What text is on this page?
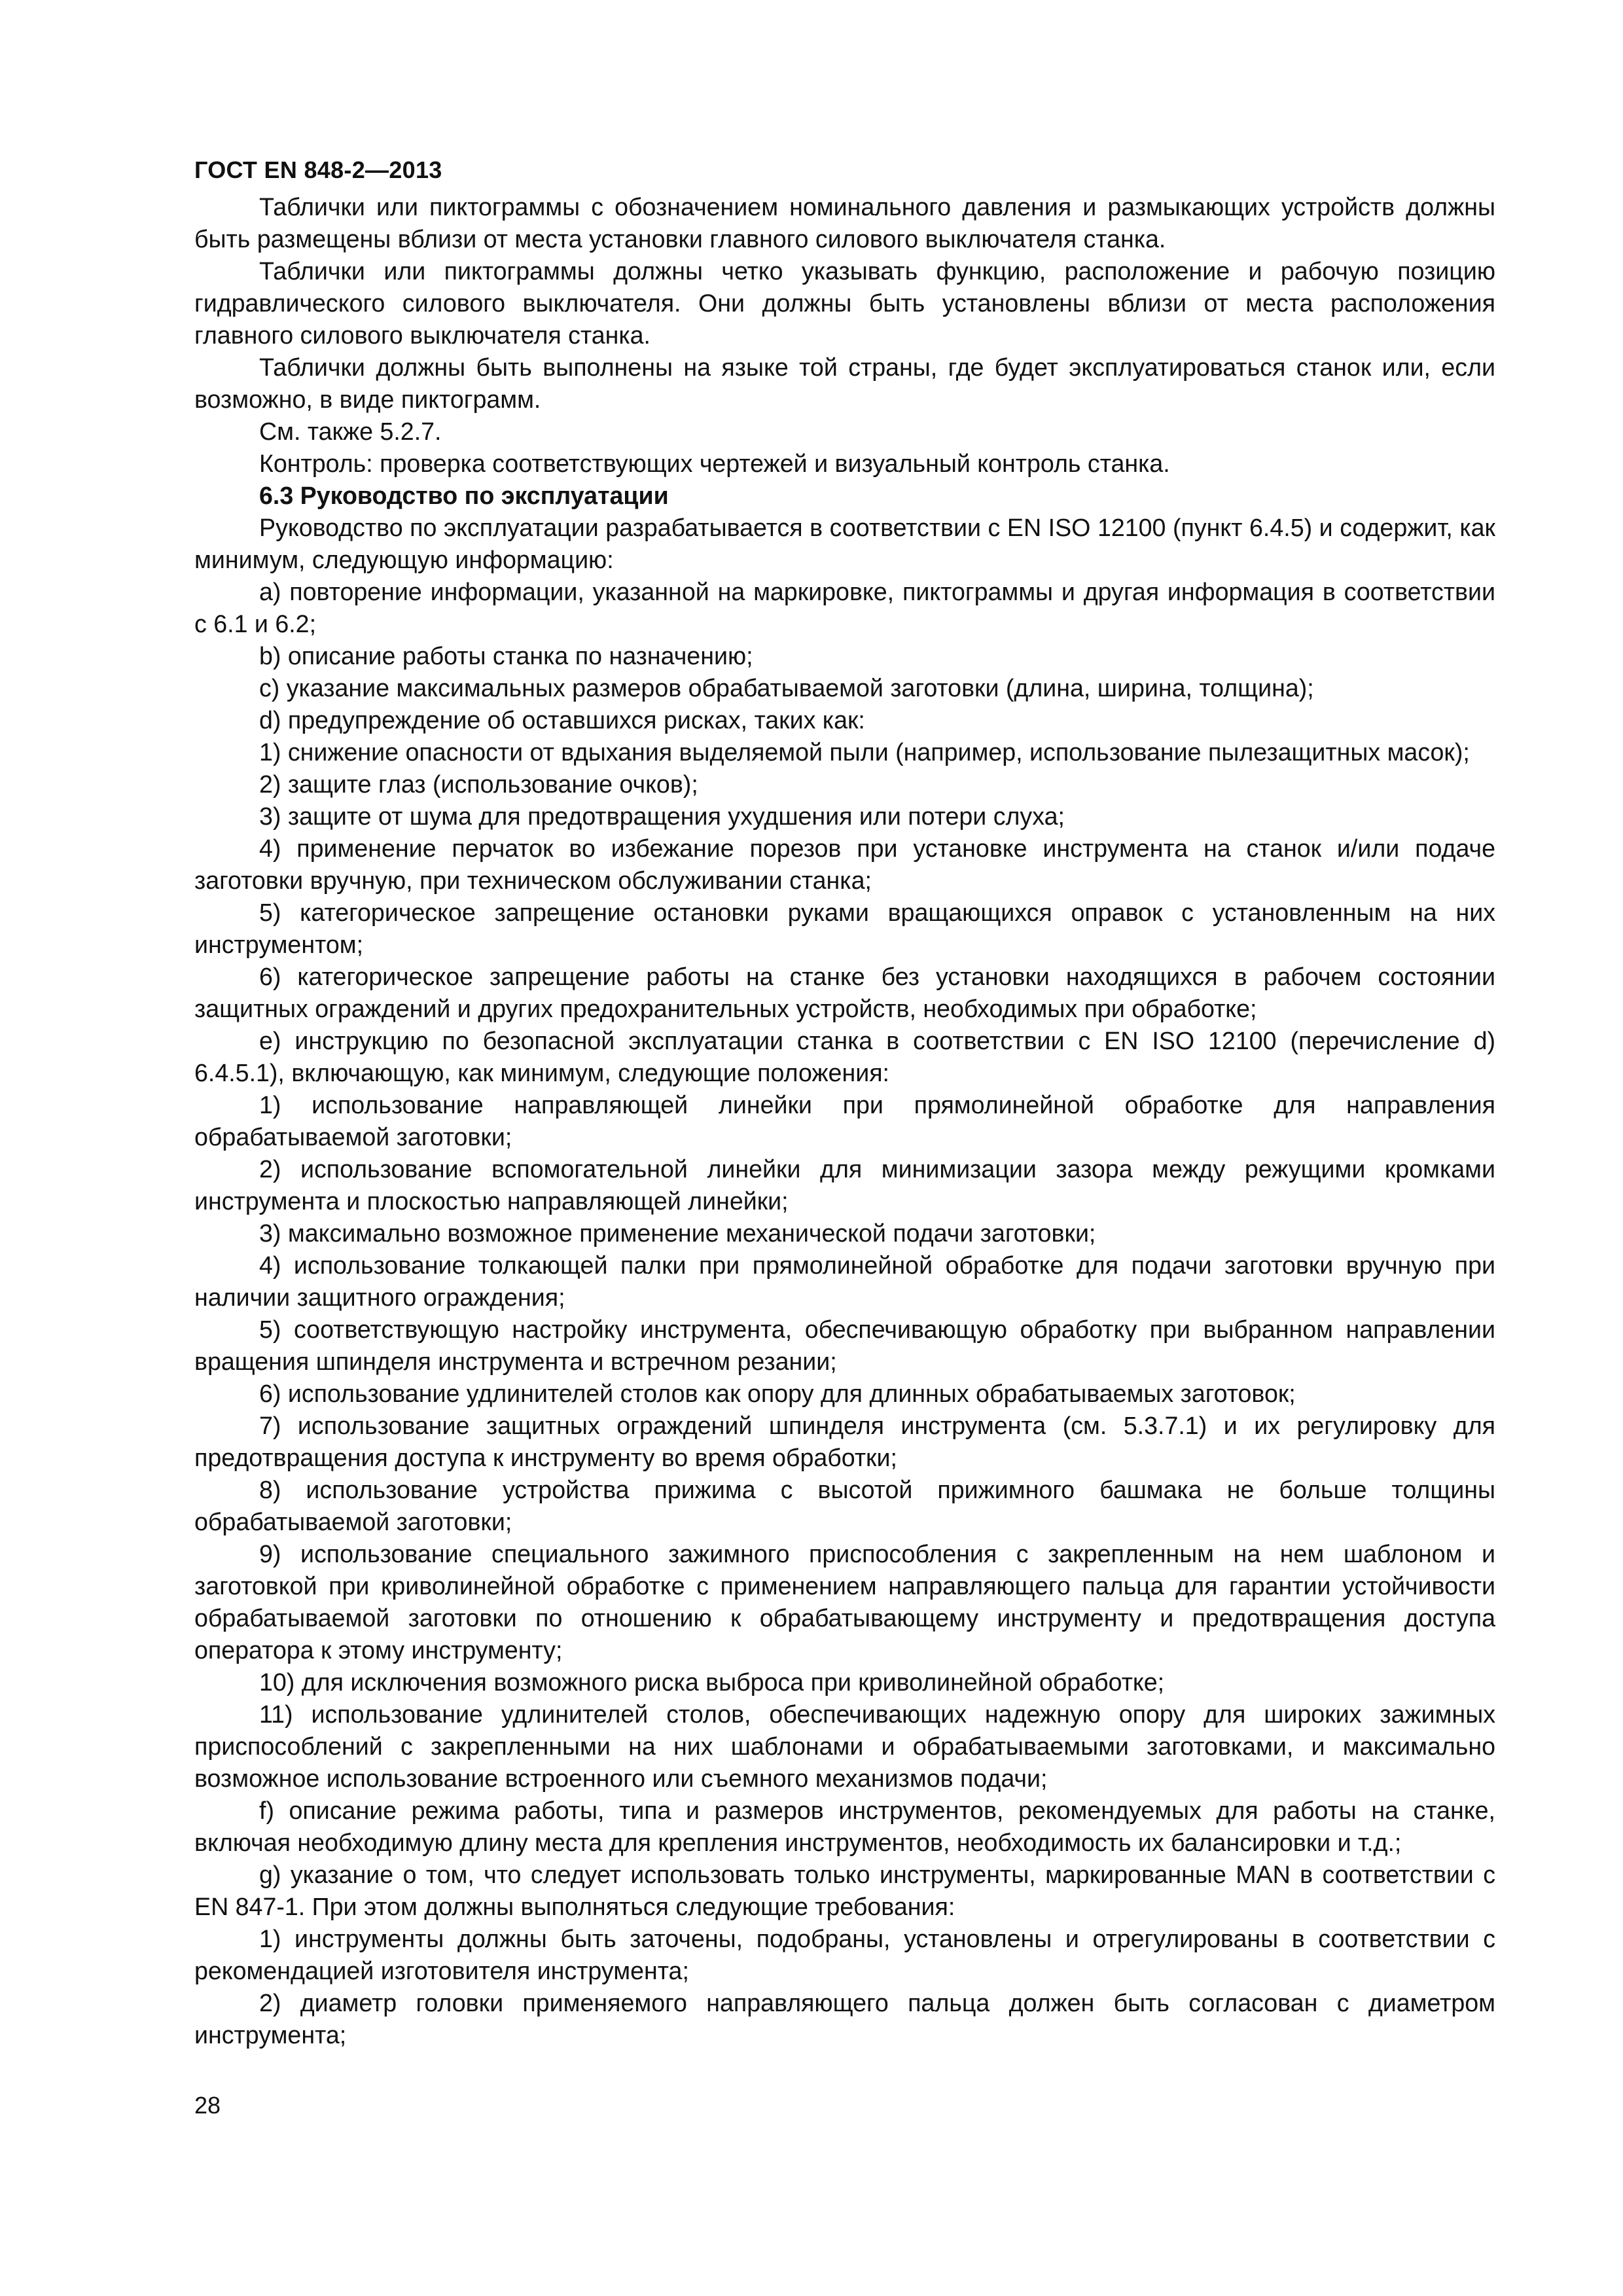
ГОСТ EN 848-2—2013

Таблички или пиктограммы с обозначением номинального давления и размыкающих устройств должны быть размещены вблизи от места установки главного силового выключателя станка.

Таблички или пиктограммы должны четко указывать функцию, расположение и рабочую позицию гидравлического силового выключателя. Они должны быть установлены вблизи от места расположения главного силового выключателя станка.

Таблички должны быть выполнены на языке той страны, где будет эксплуатироваться станок или, если возможно, в виде пиктограмм.

См. также 5.2.7.

Контроль: проверка соответствующих чертежей и визуальный контроль станка.

6.3 Руководство по эксплуатации

Руководство по эксплуатации разрабатывается в соответствии с EN ISO 12100 (пункт 6.4.5) и содержит, как минимум, следующую информацию:

a) повторение информации, указанной на маркировке, пиктограммы и другая информация в соответствии с 6.1 и 6.2;

b) описание работы станка по назначению;

c) указание максимальных размеров обрабатываемой заготовки (длина, ширина, толщина);

d) предупреждение об оставшихся рисках, таких как:

1) снижение опасности от вдыхания выделяемой пыли (например, использование пылезащитных масок);

2) защите глаз (использование очков);

3) защите от шума для предотвращения ухудшения или потери слуха;

4) применение перчаток во избежание порезов при установке инструмента на станок и/или подаче заготовки вручную, при техническом обслуживании станка;

5) категорическое запрещение остановки руками вращающихся оправок с установленным на них инструментом;

6) категорическое запрещение работы на станке без установки находящихся в рабочем состоянии защитных ограждений и других предохранительных устройств, необходимых при обработке;

e) инструкцию по безопасной эксплуатации станка в соответствии с EN ISO 12100 (перечисление d) 6.4.5.1), включающую, как минимум, следующие положения:

1) использование направляющей линейки при прямолинейной обработке для направления обрабатываемой заготовки;

2) использование вспомогательной линейки для минимизации зазора между режущими кромками инструмента и плоскостью направляющей линейки;

3) максимально возможное применение механической подачи заготовки;

4) использование толкающей палки при прямолинейной обработке для подачи заготовки вручную при наличии защитного ограждения;

5) соответствующую настройку инструмента, обеспечивающую обработку при выбранном направлении вращения шпинделя инструмента и встречном резании;

6) использование удлинителей столов как опору для длинных обрабатываемых заготовок;

7) использование защитных ограждений шпинделя инструмента (см. 5.3.7.1) и их регулировку для предотвращения доступа к инструменту во время обработки;

8) использование устройства прижима с высотой прижимного башмака не больше толщины обрабатываемой заготовки;

9) использование специального зажимного приспособления с закрепленным на нем шаблоном и заготовкой при криволинейной обработке с применением направляющего пальца для гарантии устойчивости обрабатываемой заготовки по отношению к обрабатывающему инструменту и предотвращения доступа оператора к этому инструменту;

10) для исключения возможного риска выброса при криволинейной обработке;

11) использование удлинителей столов, обеспечивающих надежную опору для широких зажимных приспособлений с закрепленными на них шаблонами и обрабатываемыми заготовками, и максимально возможное использование встроенного или съемного механизмов подачи;

f) описание режима работы, типа и размеров инструментов, рекомендуемых для работы на станке, включая необходимую длину места для крепления инструментов, необходимость их балансировки и т.д.;

g) указание о том, что следует использовать только инструменты, маркированные MAN в соответствии с EN 847-1. При этом должны выполняться следующие требования:

1) инструменты должны быть заточены, подобраны, установлены и отрегулированы в соответствии с рекомендацией изготовителя инструмента;

2) диаметр головки применяемого направляющего пальца должен быть согласован с диаметром инструмента;

28
